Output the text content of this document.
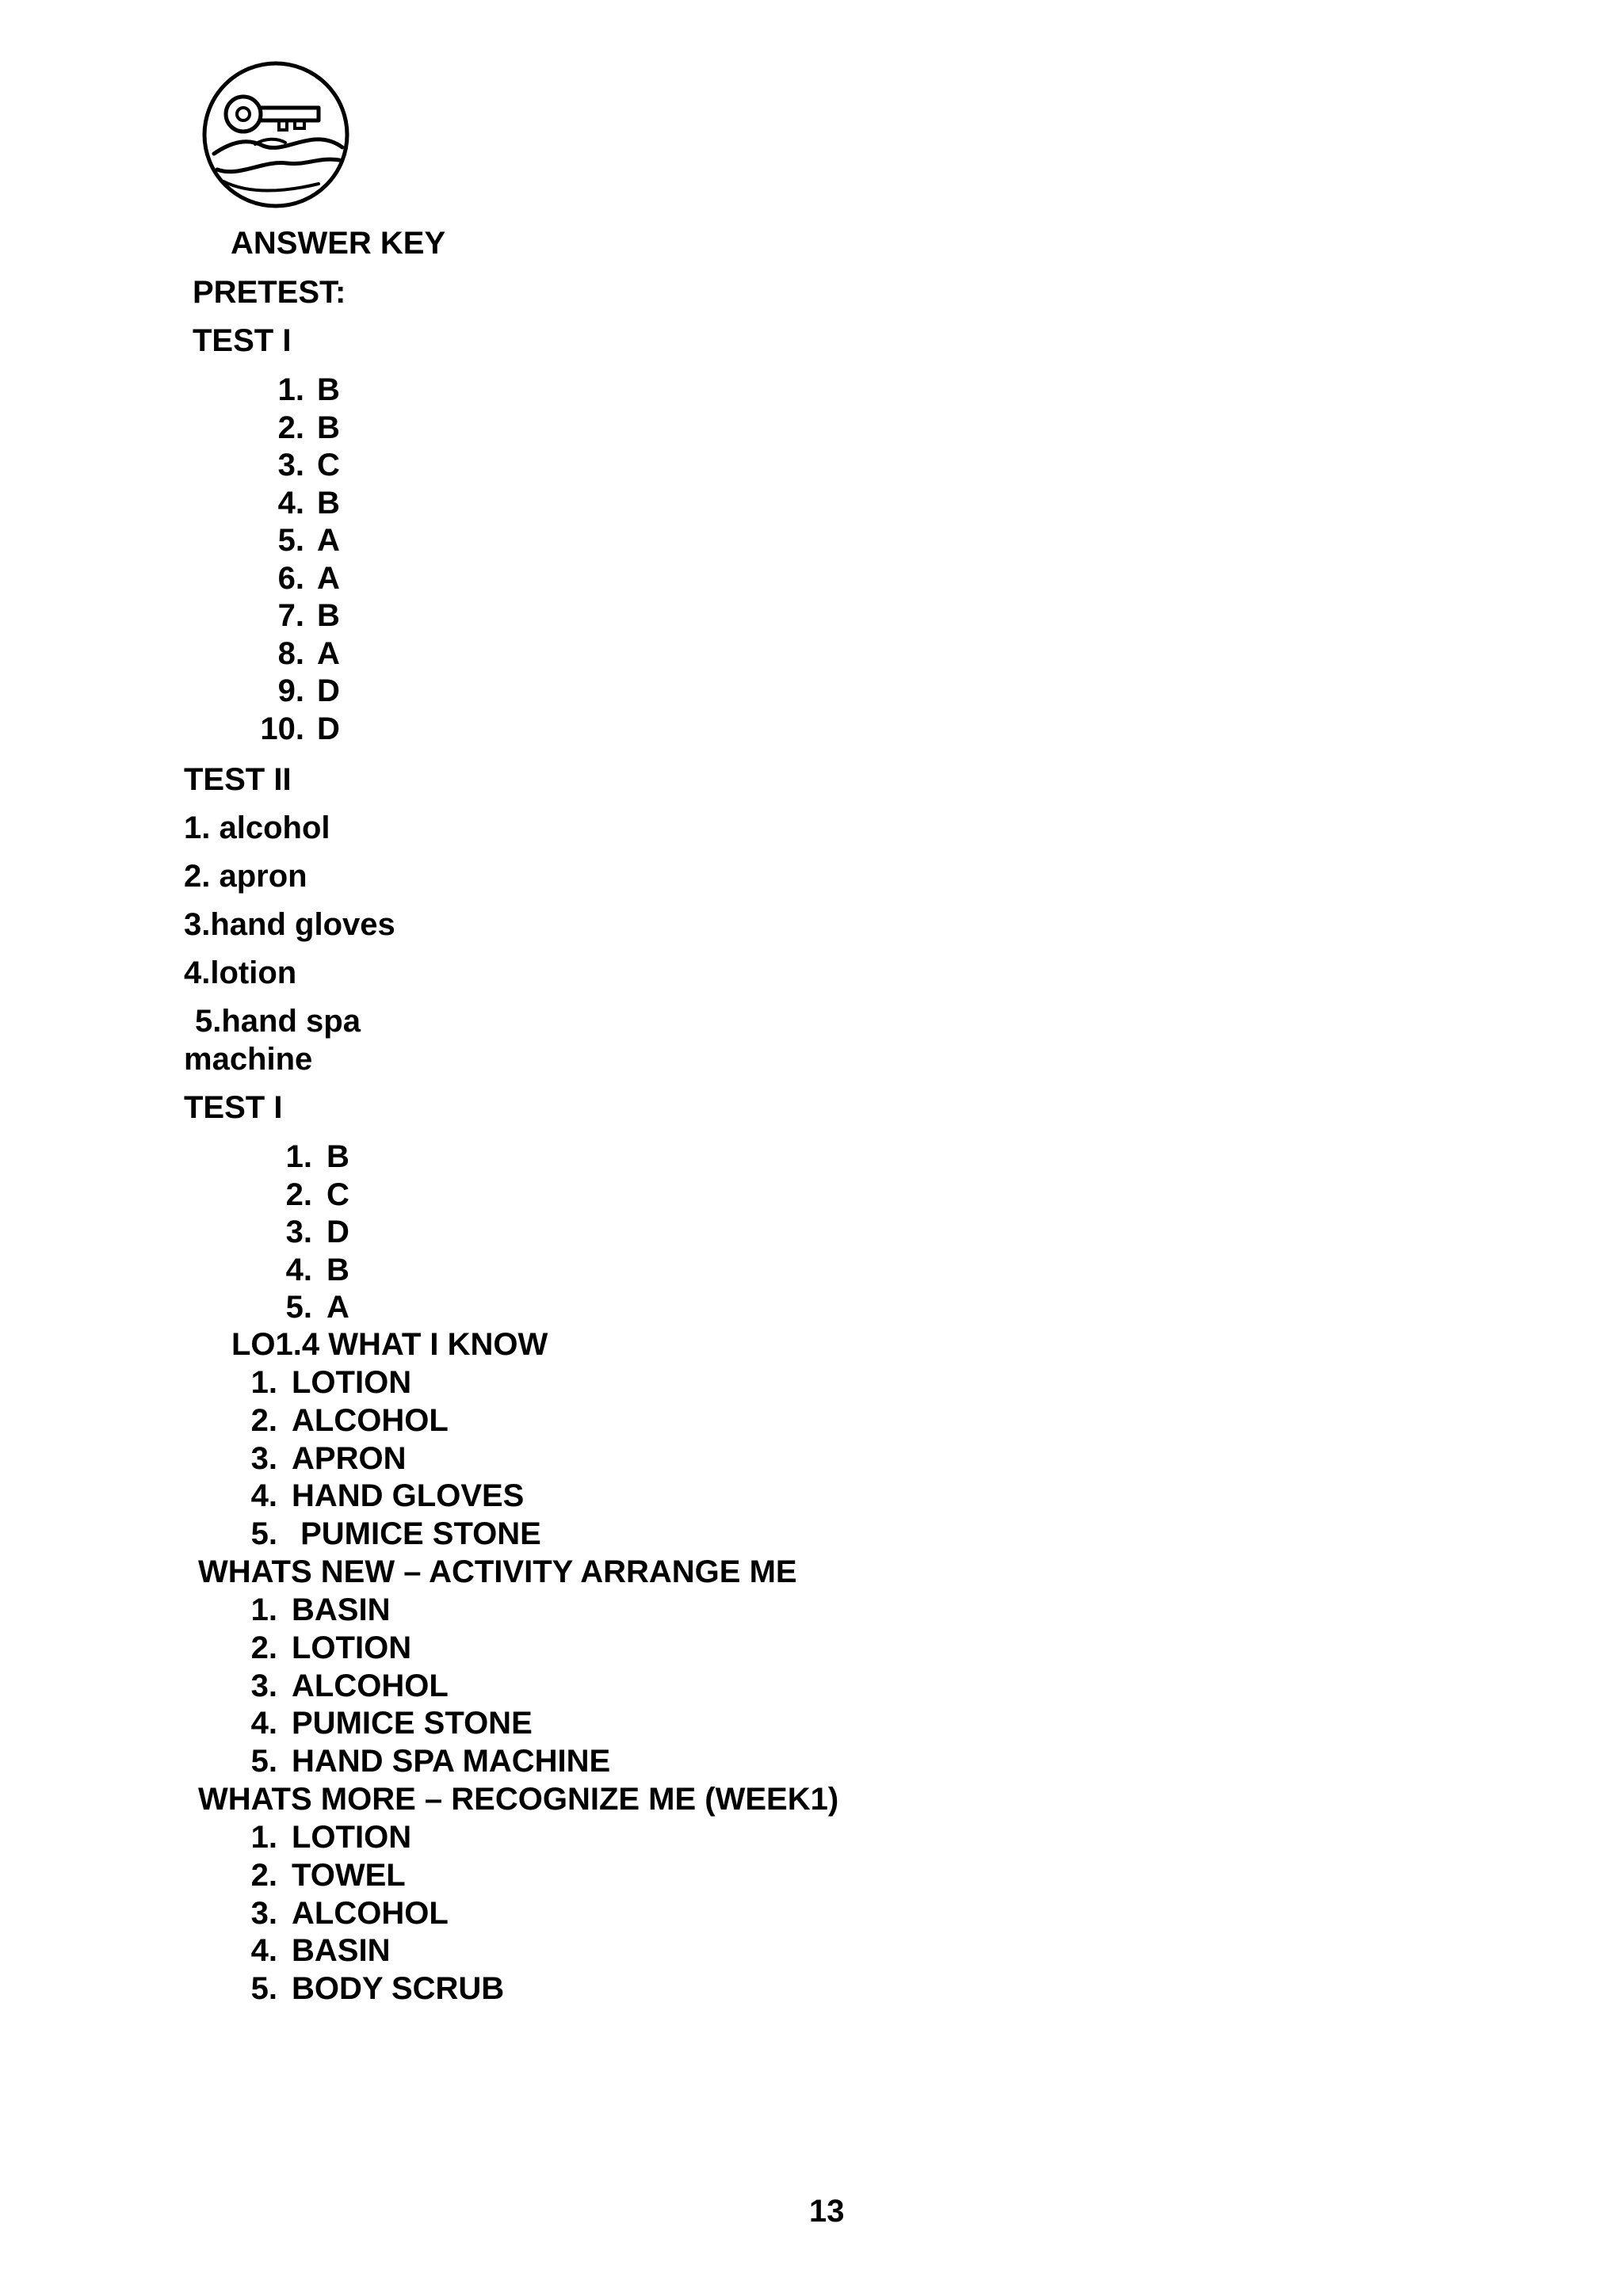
ANSWER KEY
PRETEST:
TEST I
1. B
2. B
3. C
4. B
5. A
6. A
7. B
8. A
9. D
10. D
TEST II
1. alcohol
2. apron
3.hand gloves
4.lotion
5.hand spa
machine
TEST I
1. B
2. C
3. D
4. B
5. A
LO1.4 WHAT I KNOW
1. LOTION
2. ALCOHOL
3. APRON
4. HAND GLOVES
5. PUMICE STONE
WHATS NEW – ACTIVITY ARRANGE ME
1. BASIN
2. LOTION
3. ALCOHOL
4. PUMICE STONE
5. HAND SPA MACHINE
WHATS MORE – RECOGNIZE ME (WEEK1)
1. LOTION
2. TOWEL
3. ALCOHOL
4. BASIN
5. BODY SCRUB
13
